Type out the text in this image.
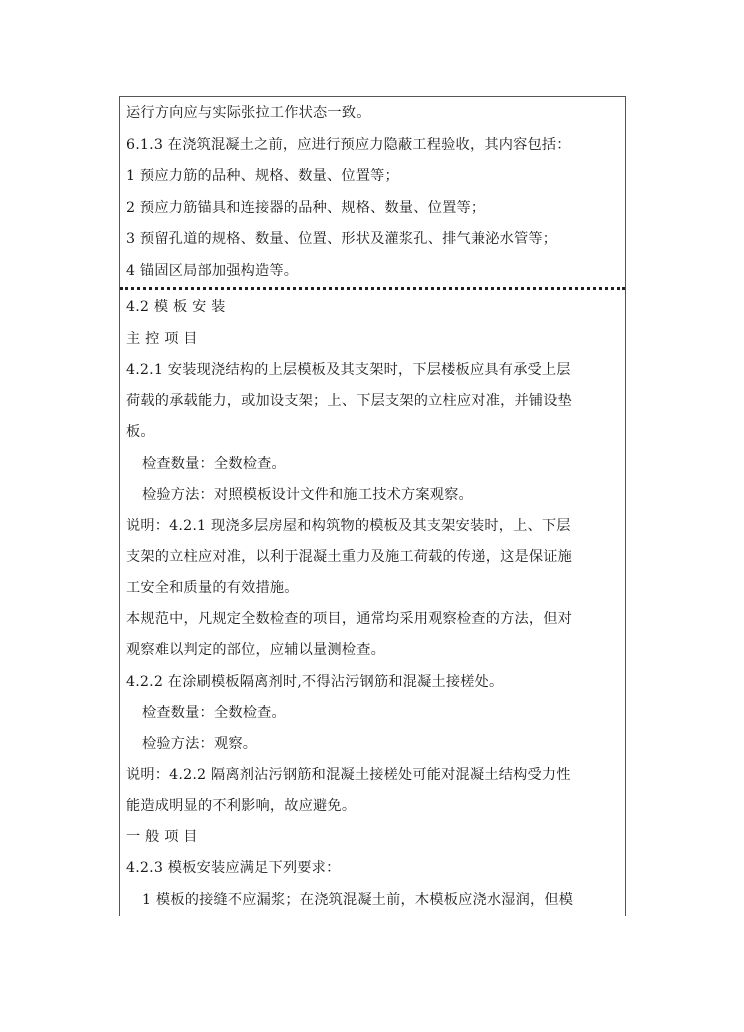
运行方向应与实际张拉工作状态一致。
6.1.3 在浇筑混凝土之前，应进行预应力隐蔽工程验收，其内容包括：
1 预应力筋的品种、规格、数量、位置等；
2 预应力筋锚具和连接器的品种、规格、数量、位置等；
3 预留孔道的规格、数量、位置、形状及灌浆孔、排气兼泌水管等；
4 锚固区局部加强构造等。
4.2 模 板 安 装
主 控 项 目
4.2.1 安装现浇结构的上层模板及其支架时，下层楼板应具有承受上层
荷载的承载能力，或加设支架；上、下层支架的立柱应对准，并铺设垫
板。
检查数量：全数检查。
检验方法：对照模板设计文件和施工技术方案观察。
说明：4.2.1 现浇多层房屋和构筑物的模板及其支架安装时，上、下层
支架的立柱应对准，以利于混凝土重力及施工荷载的传递，这是保证施
工安全和质量的有效措施。
本规范中，凡规定全数检查的项目，通常均采用观察检查的方法，但对
观察难以判定的部位，应辅以量测检查。
4.2.2 在涂刷模板隔离剂时,不得沾污钢筋和混凝土接槎处。
检查数量：全数检查。
检验方法：观察。
说明：4.2.2 隔离剂沾污钢筋和混凝土接槎处可能对混凝土结构受力性
能造成明显的不利影响，故应避免。
一 般 项 目
4.2.3 模板安装应满足下列要求：
1 模板的接缝不应漏浆；在浇筑混凝土前，木模板应浇水湿润，但模
